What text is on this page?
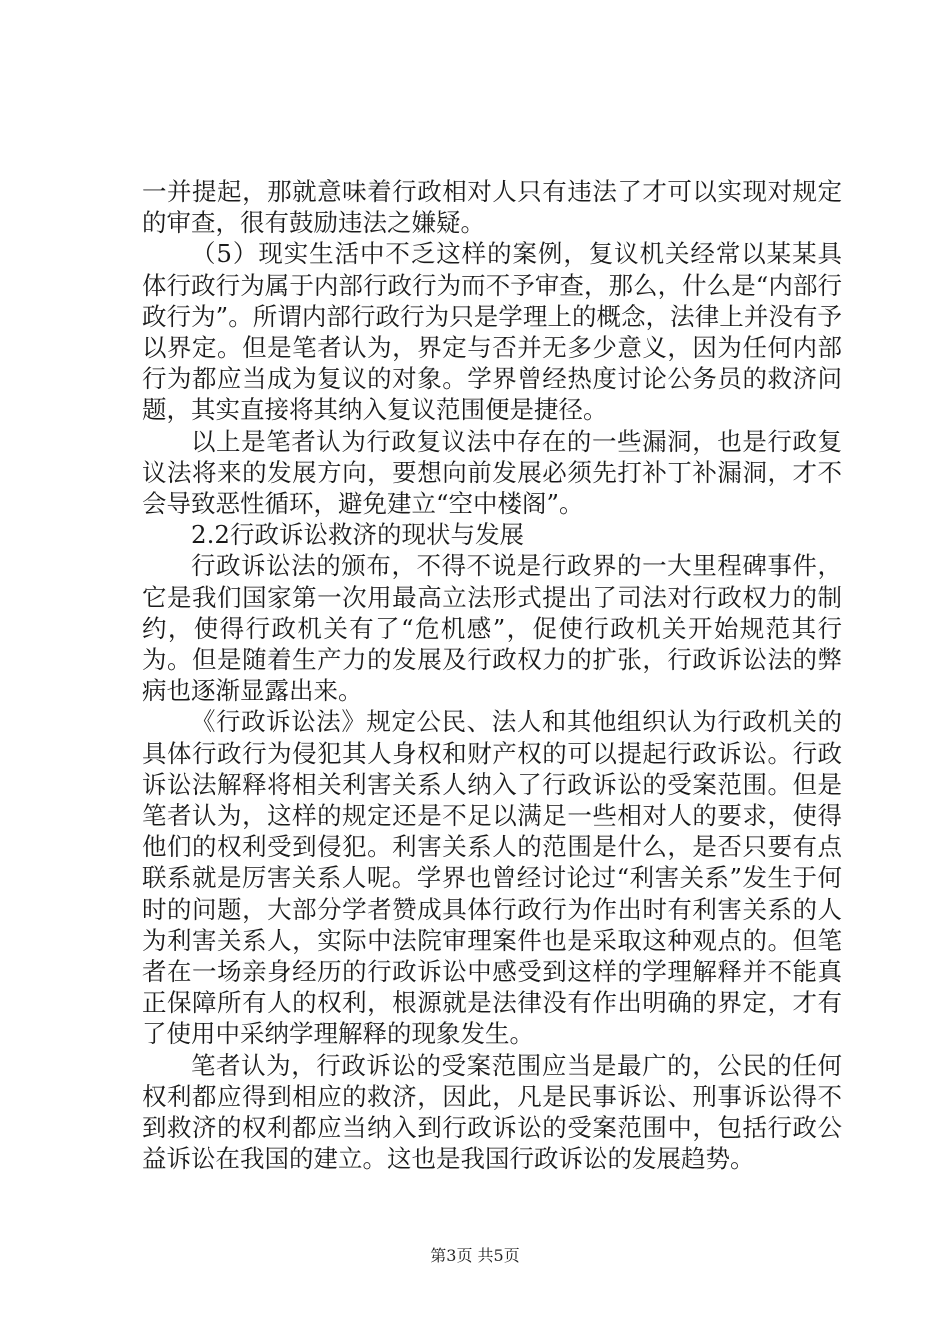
一并提起，那就意味着行政相对人只有违法了才可以实现对规定的审查，很有鼓励违法之嫌疑。

（5）现实生活中不乏这样的案例，复议机关经常以某某具体行政行为属于内部行政行为而不予审查，那么，什么是“内部行政行为”。所谓内部行政行为只是学理上的概念，法律上并没有予以界定。但是笔者认为，界定与否并无多少意义，因为任何内部行为都应当成为复议的对象。学界曾经热度讨论公务员的救济问题，其实直接将其纳入复议范围便是捷径。

以上是笔者认为行政复议法中存在的一些漏洞，也是行政复议法将来的发展方向，要想向前发展必须先打补丁补漏洞，才不会导致恶性循环，避免建立“空中楼阁”。

2.2行政诉讼救济的现状与发展

行政诉讼法的颁布，不得不说是行政界的一大里程碑事件，它是我们国家第一次用最高立法形式提出了司法对行政权力的制约，使得行政机关有了“危机感”，促使行政机关开始规范其行为。但是随着生产力的发展及行政权力的扩张，行政诉讼法的弊病也逐渐显露出来。

《行政诉讼法》规定公民、法人和其他组织认为行政机关的具体行政行为侵犯其人身权和财产权的可以提起行政诉讼。行政诉讼法解释将相关利害关系人纳入了行政诉讼的受案范围。但是笔者认为，这样的规定还是不足以满足一些相对人的要求，使得他们的权利受到侵犯。利害关系人的范围是什么，是否只要有点联系就是厉害关系人呢。学界也曾经讨论过“利害关系”发生于何时的问题，大部分学者赞成具体行政行为作出时有利害关系的人为利害关系人，实际中法院审理案件也是采取这种观点的。但笔者在一场亲身经历的行政诉讼中感受到这样的学理解释并不能真正保障所有人的权利，根源就是法律没有作出明确的界定，才有了使用中采纳学理解释的现象发生。

笔者认为，行政诉讼的受案范围应当是最广的，公民的任何权利都应得到相应的救济，因此，凡是民事诉讼、刑事诉讼得不到救济的权利都应当纳入到行政诉讼的受案范围中，包括行政公益诉讼在我国的建立。这也是我国行政诉讼的发展趋势。

第3页 共5页
